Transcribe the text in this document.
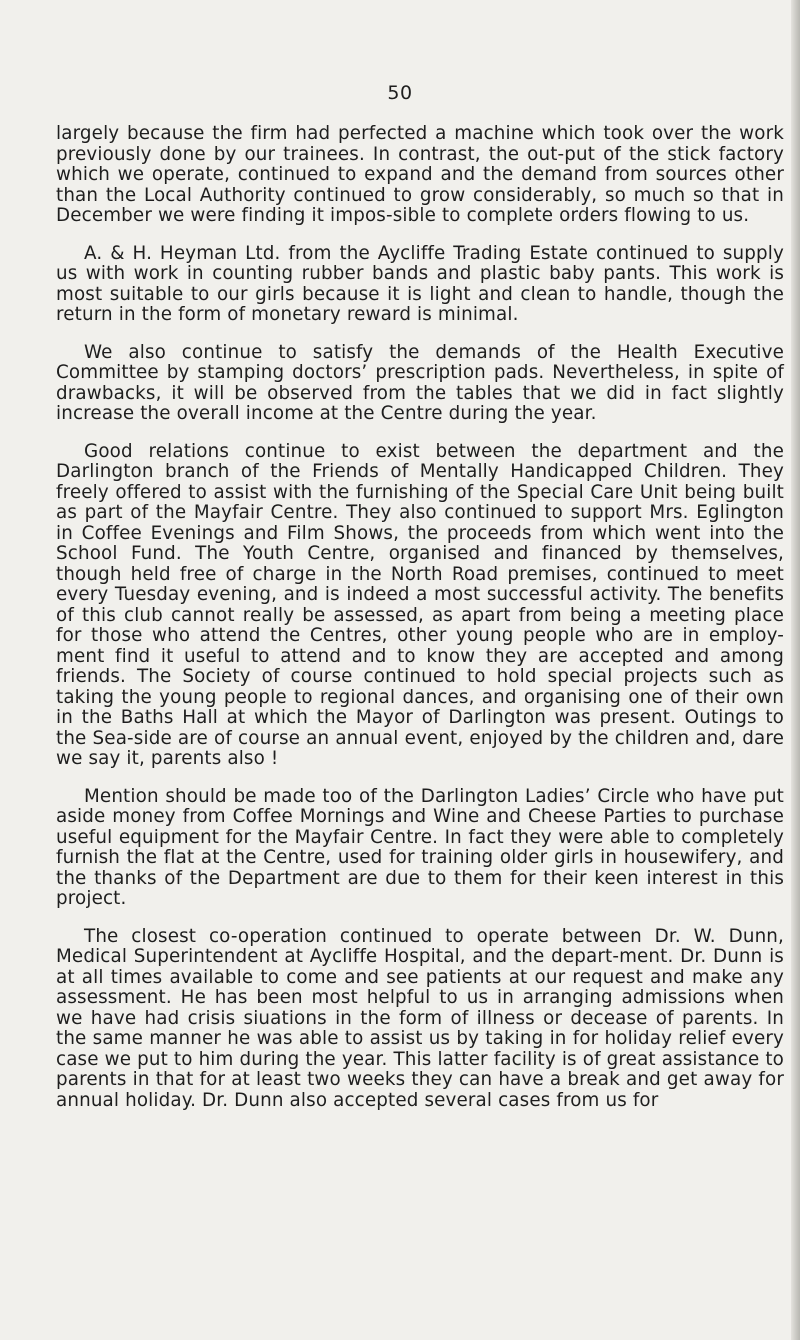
50

largely because the firm had perfected a machine which took over the work previously done by our trainees. In contrast, the out-put of the stick factory which we operate, continued to expand and the demand from sources other than the Local Authority continued to grow considerably, so much so that in December we were finding it impos-sible to complete orders flowing to us.

A. & H. Heyman Ltd. from the Aycliffe Trading Estate continued to supply us with work in counting rubber bands and plastic baby pants. This work is most suitable to our girls because it is light and clean to handle, though the return in the form of monetary reward is minimal.

We also continue to satisfy the demands of the Health Executive Committee by stamping doctors’ prescription pads. Nevertheless, in spite of drawbacks, it will be observed from the tables that we did in fact slightly increase the overall income at the Centre during the year.

Good relations continue to exist between the department and the Darlington branch of the Friends of Mentally Handicapped Children. They freely offered to assist with the furnishing of the Special Care Unit being built as part of the Mayfair Centre. They also continued to support Mrs. Eglington in Coffee Evenings and Film Shows, the proceeds from which went into the School Fund. The Youth Centre, organised and financed by themselves, though held free of charge in the North Road premises, continued to meet every Tuesday evening, and is indeed a most successful activity. The benefits of this club cannot really be assessed, as apart from being a meeting place for those who attend the Centres, other young people who are in employ-ment find it useful to attend and to know they are accepted and among friends. The Society of course continued to hold special projects such as taking the young people to regional dances, and organising one of their own in the Baths Hall at which the Mayor of Darlington was present. Outings to the Sea-side are of course an annual event, enjoyed by the children and, dare we say it, parents also !

Mention should be made too of the Darlington Ladies’ Circle who have put aside money from Coffee Mornings and Wine and Cheese Parties to purchase useful equipment for the Mayfair Centre. In fact they were able to completely furnish the flat at the Centre, used for training older girls in housewifery, and the thanks of the Department are due to them for their keen interest in this project.

The closest co-operation continued to operate between Dr. W. Dunn, Medical Superintendent at Aycliffe Hospital, and the depart-ment. Dr. Dunn is at all times available to come and see patients at our request and make any assessment. He has been most helpful to us in arranging admissions when we have had crisis siuations in the form of illness or decease of parents. In the same manner he was able to assist us by taking in for holiday relief every case we put to him during the year. This latter facility is of great assistance to parents in that for at least two weeks they can have a break and get away for annual holiday. Dr. Dunn also accepted several cases from us for
